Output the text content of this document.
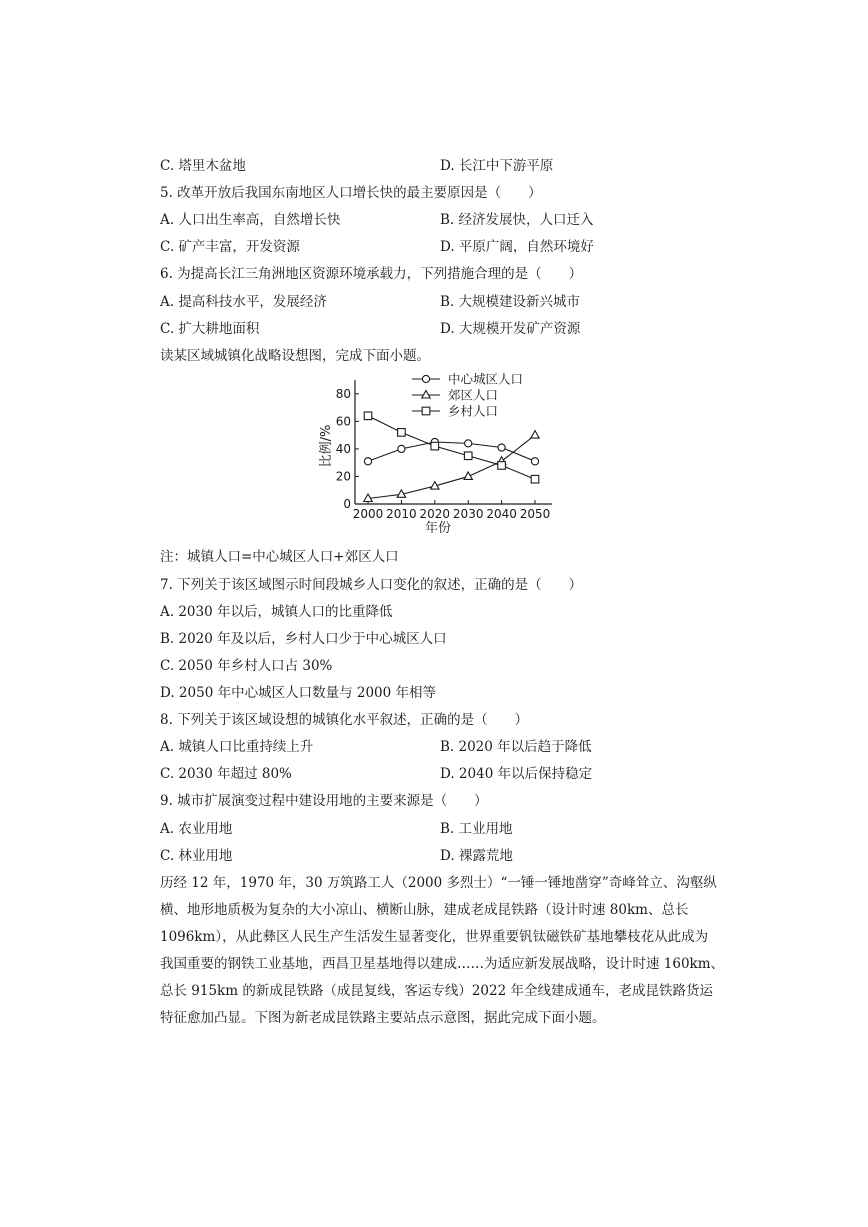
C. 塔里木盆地	D. 长江中下游平原
5. 改革开放后我国东南地区人口增长快的最主要原因是（　　）
A. 人口出生率高，自然增长快	B. 经济发展快，人口迁入
C. 矿产丰富，开发资源	D. 平原广阔，自然环境好
6. 为提高长江三角洲地区资源环境承载力，下列措施合理的是（　　）
A. 提高科技水平，发展经济	B. 大规模建设新兴城市
C. 扩大耕地面积	D. 大规模开发矿产资源
读某区域城镇化战略设想图，完成下面小题。
0
20
40
60
80
2000 2010 2020 2030 2040 2050
中心城区人口
郊区人口
乡村人口
比例/%
年份
注：城镇人口=中心城区人口+郊区人口
7. 下列关于该区域图示时间段城乡人口变化的叙述，正确的是（　　）
A. 2030 年以后，城镇人口的比重降低
B. 2020 年及以后，乡村人口少于中心城区人口
C. 2050 年乡村人口占 30%
D. 2050 年中心城区人口数量与 2000 年相等
8. 下列关于该区域设想的城镇化水平叙述，正确的是（　　）
A. 城镇人口比重持续上升	B. 2020 年以后趋于降低
C. 2030 年超过 80%	D. 2040 年以后保持稳定
9. 城市扩展演变过程中建设用地的主要来源是（　　）
A. 农业用地	B. 工业用地
C. 林业用地	D. 裸露荒地
历经 12 年，1970 年，30 万筑路工人（2000 多烈士）“一锤一锤地凿穿”奇峰耸立、沟壑纵
横、地形地质极为复杂的大小凉山、横断山脉，建成老成昆铁路（设计时速 80km、总长
1096km），从此彝区人民生产生活发生显著变化，世界重要钒钛磁铁矿基地攀枝花从此成为
我国重要的钢铁工业基地，西昌卫星基地得以建成……为适应新发展战略，设计时速 160km、
总长 915km 的新成昆铁路（成昆复线，客运专线）2022 年全线建成通车，老成昆铁路货运
特征愈加凸显。下图为新老成昆铁路主要站点示意图，据此完成下面小题。
